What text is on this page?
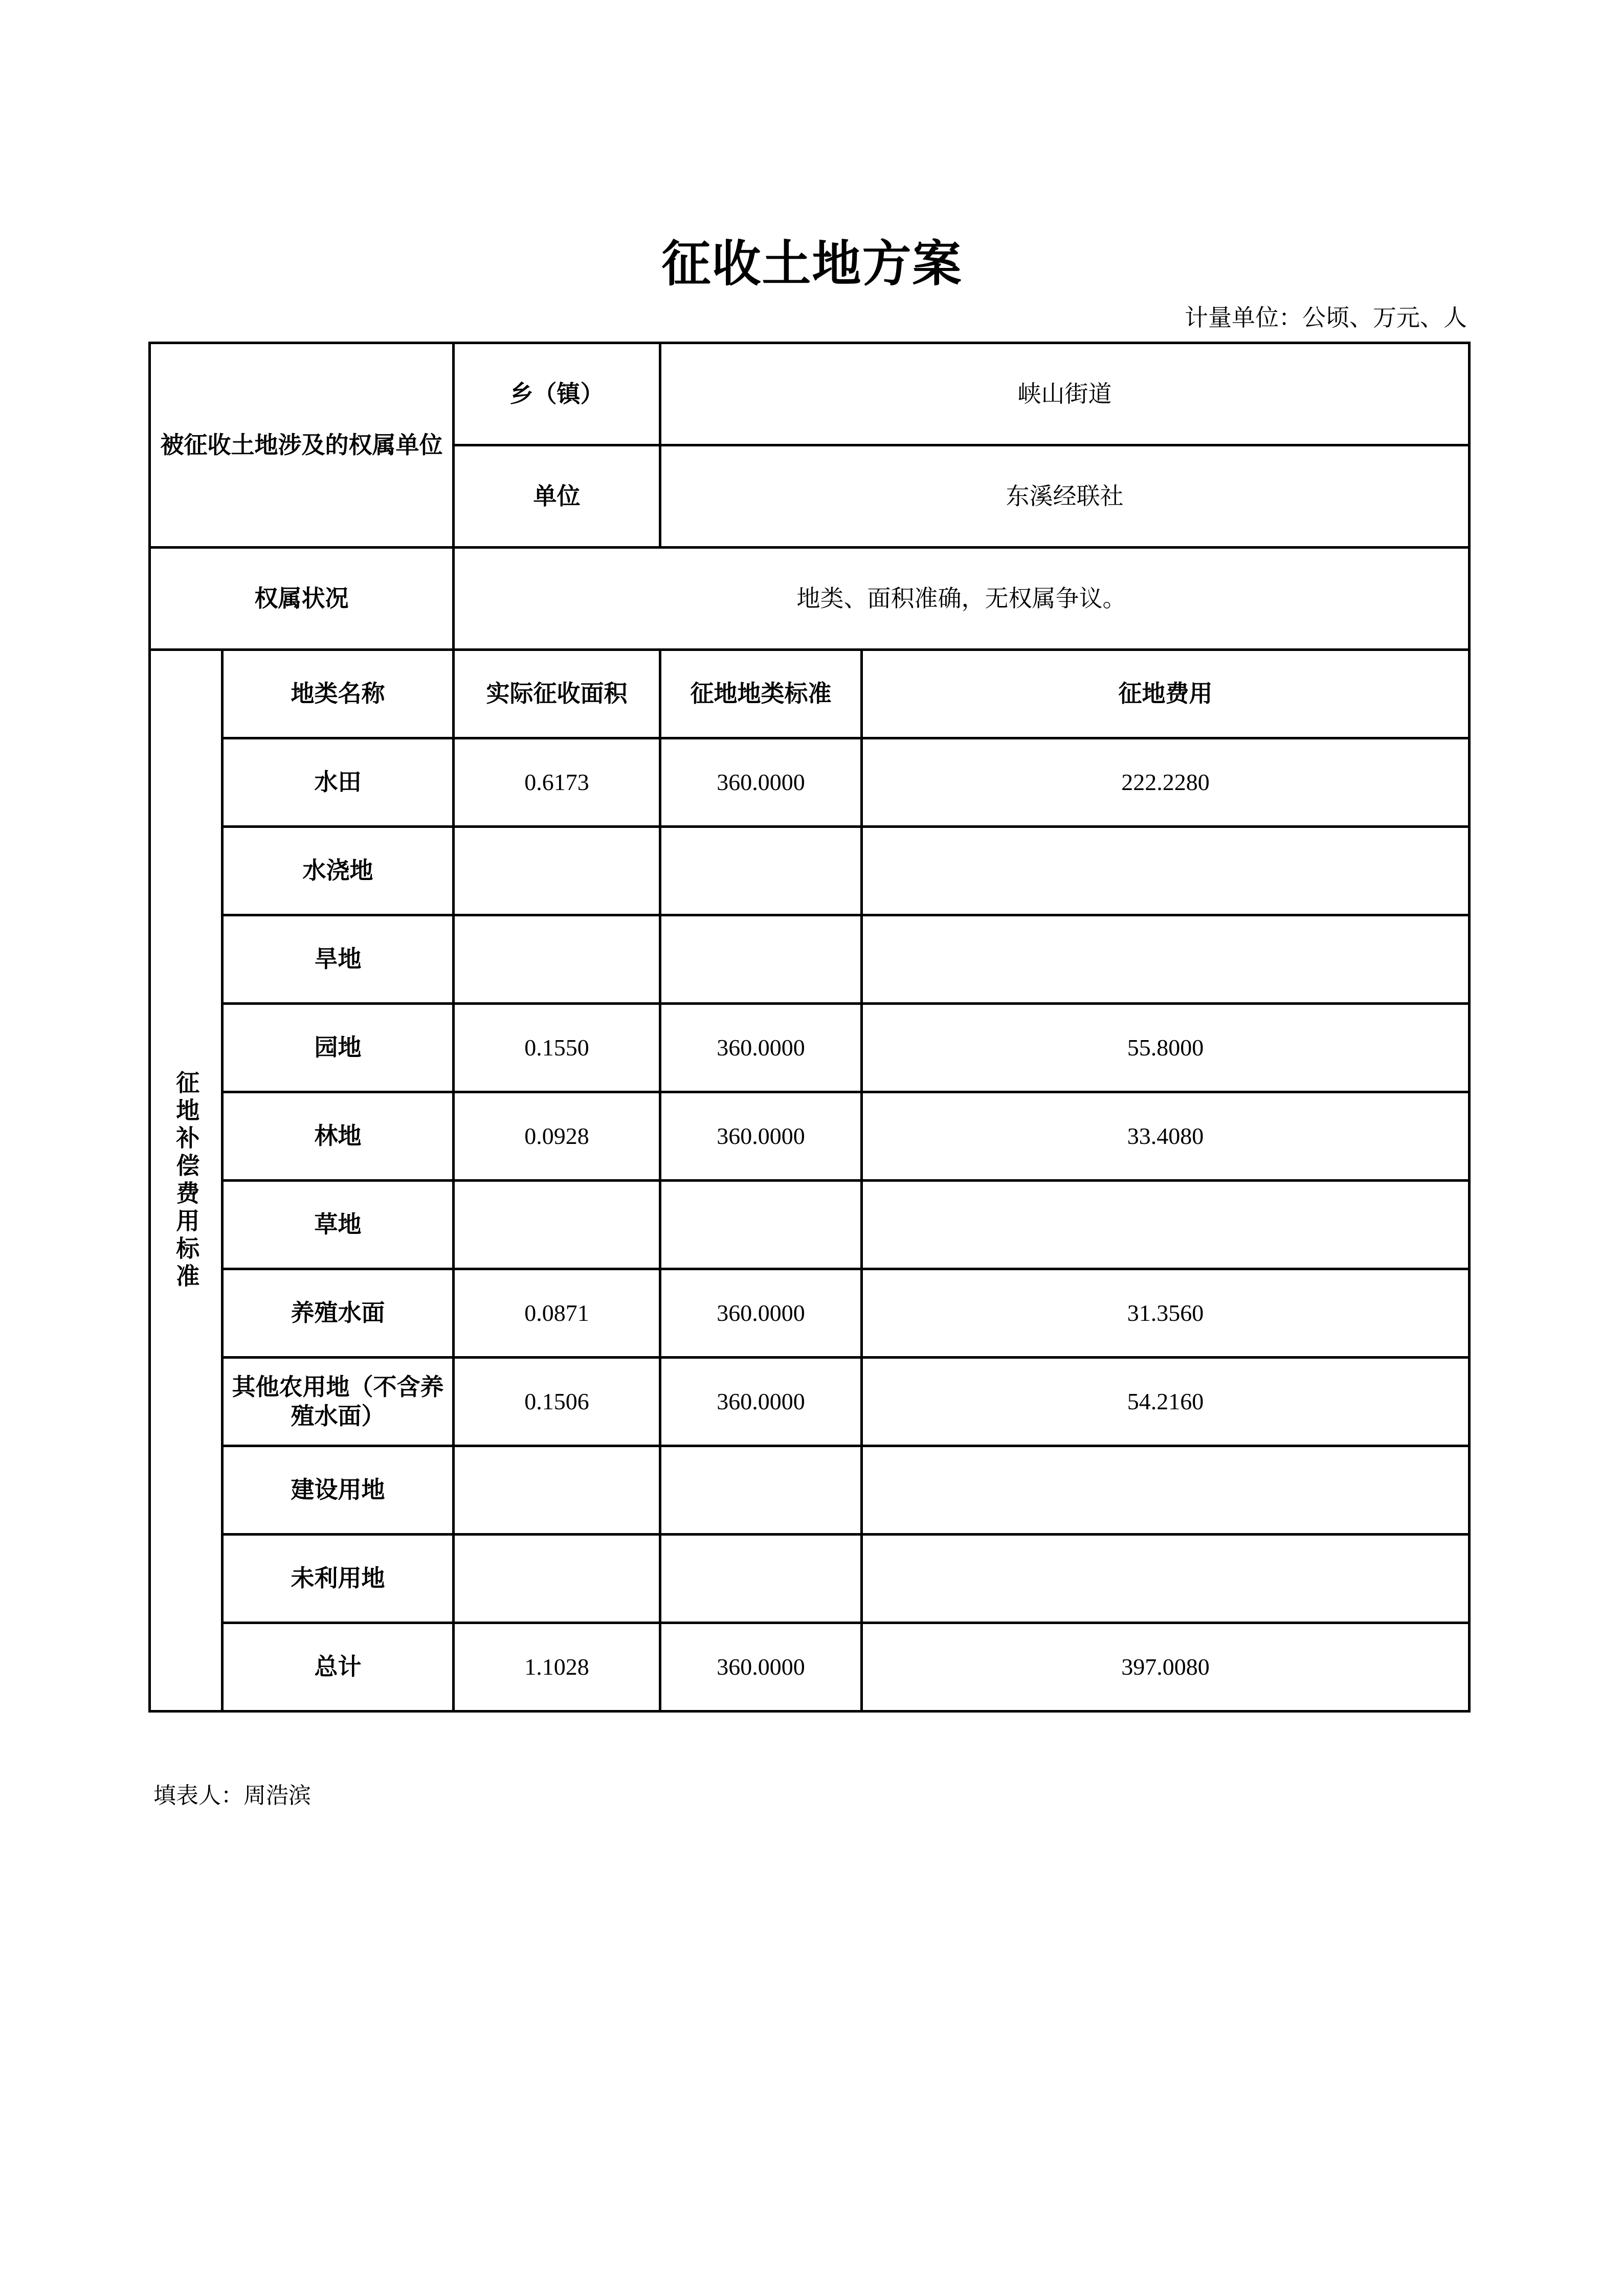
征收土地方案
计量单位：公顷、万元、人
被征收土地涉及的权属单位		乡（镇）	峡山街道	
		单位	东溪经联社	
权属状况		地类、面积准确，无权属争议。		

征地补偿费用标准	地类名称	实际征收面积	征地地类标准	征地费用
	水田	0.6173	360.0000	222.2280
	水浇地			
	旱地			
	园地	0.1550	360.0000	55.8000
	林地	0.0928	360.0000	33.4080
	草地			
	养殖水面	0.0871	360.0000	31.3560
	其他农用地（不含养殖水面）	0.1506	360.0000	54.2160
	建设用地			
	未利用地			
	总计	1.1028	360.0000	397.0080
填表人：周浩滨
